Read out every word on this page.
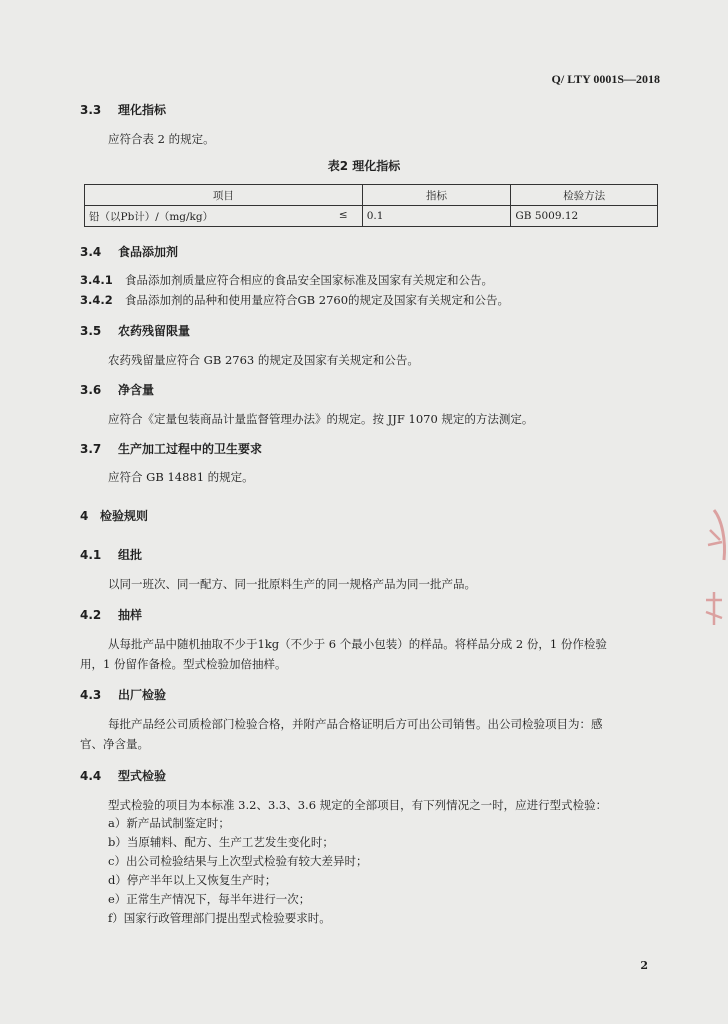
Q/ LTY 0001S—2018
3.3 理化指标
应符合表 2 的规定。
表2 理化指标
项目	指标	检验方法

铅（以Pb计）/（mg/kg） ≤	0.1	GB 5009.12
3.4 食品添加剂
3.4.1 食品添加剂质量应符合相应的食品安全国家标准及国家有关规定和公告。
3.4.2 食品添加剂的品种和使用量应符合GB 2760的规定及国家有关规定和公告。
3.5 农药残留限量
农药残留量应符合 GB 2763 的规定及国家有关规定和公告。
3.6 净含量
应符合《定量包装商品计量监督管理办法》的规定。按 JJF 1070 规定的方法测定。
3.7 生产加工过程中的卫生要求
应符合 GB 14881 的规定。
4 检验规则
4.1 组批
以同一班次、同一配方、同一批原料生产的同一规格产品为同一批产品。
4.2 抽样
从每批产品中随机抽取不少于1kg（不少于 6 个最小包装）的样品。将样品分成 2 份，1 份作检验
用，1 份留作备检。型式检验加倍抽样。
4.3 出厂检验
每批产品经公司质检部门检验合格，并附产品合格证明后方可出公司销售。出公司检验项目为：感
官、净含量。
4.4 型式检验
型式检验的项目为本标准 3.2、3.3、3.6 规定的全部项目，有下列情况之一时，应进行型式检验：
a）新产品试制鉴定时；
b）当原辅料、配方、生产工艺发生变化时；
c）出公司检验结果与上次型式检验有较大差异时；
d）停产半年以上又恢复生产时；
e）正常生产情况下，每半年进行一次；
f）国家行政管理部门提出型式检验要求时。
2
